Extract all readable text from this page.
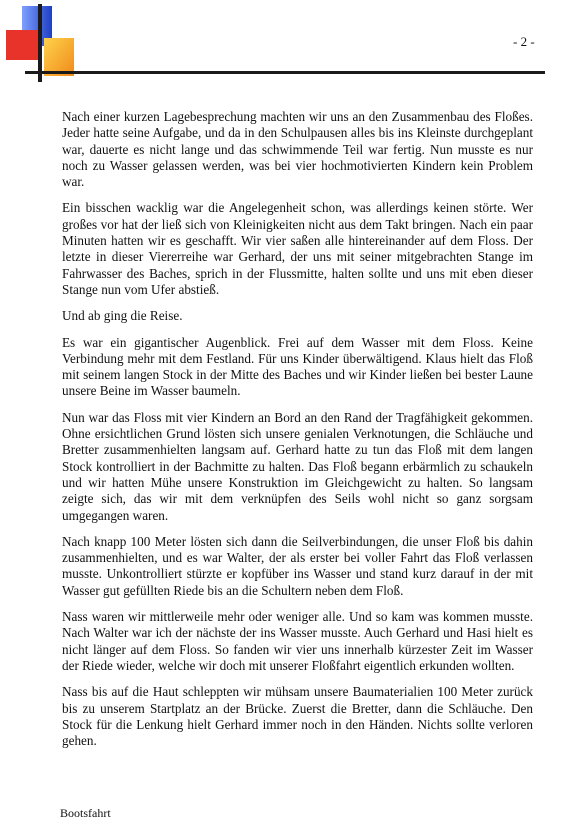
- 2 -

Nach einer kurzen Lagebesprechung machten wir uns an den Zusammenbau des Floßes. Jeder hatte seine Aufgabe, und da in den Schulpausen alles bis ins Kleinste durchgeplant war, dauerte es nicht lange und das schwimmende Teil war fertig. Nun musste es nur noch zu Wasser gelassen werden, was bei vier hochmotivierten Kindern kein Problem war.

Ein bisschen wacklig war die Angelegenheit schon, was allerdings keinen störte. Wer großes vor hat der ließ sich von Kleinigkeiten nicht aus dem Takt bringen. Nach ein paar Minuten hatten wir es geschafft. Wir vier saßen alle hintereinander auf dem Floss. Der letzte in dieser Viererreihe war Gerhard, der uns mit seiner mitgebrachten Stange im Fahrwasser des Baches, sprich in der Flussmitte, halten sollte und uns mit eben dieser Stange nun vom Ufer abstieß.

Und ab ging die Reise.

Es war ein gigantischer Augenblick. Frei auf dem Wasser mit dem Floss. Keine Verbindung mehr mit dem Festland. Für uns Kinder überwältigend. Klaus hielt das Floß mit seinem langen Stock in der Mitte des Baches und wir Kinder ließen bei bester Laune unsere Beine im Wasser baumeln.

Nun war das Floss mit vier Kindern an Bord an den Rand der Tragfähigkeit gekommen. Ohne ersichtlichen Grund lösten sich unsere genialen Verknotungen, die Schläuche und Bretter zusammenhielten langsam auf. Gerhard hatte zu tun das Floß mit dem langen Stock kontrolliert in der Bachmitte zu halten. Das Floß begann erbärmlich zu schaukeln und wir hatten Mühe unsere Konstruktion im Gleichgewicht zu halten. So langsam zeigte sich, das wir mit dem verknüpfen des Seils wohl nicht so ganz sorgsam umgegangen waren.

Nach knapp 100 Meter lösten sich dann die Seilverbindungen, die unser Floß bis dahin zusammenhielten, und es war Walter, der als erster bei voller Fahrt das Floß verlassen musste. Unkontrolliert stürzte er kopfüber ins Wasser und stand kurz darauf in der mit Wasser gut gefüllten Riede bis an die Schultern neben dem Floß.

Nass waren wir mittlerweile mehr oder weniger alle. Und so kam was kommen musste. Nach Walter war ich der nächste der ins Wasser musste. Auch Gerhard und Hasi hielt es nicht länger auf dem Floss. So fanden wir vier uns innerhalb kürzester Zeit im Wasser der Riede wieder, welche wir doch mit unserer Floßfahrt eigentlich erkunden wollten.

Nass bis auf die Haut schleppten wir mühsam unsere Baumaterialien 100 Meter zurück bis zu unserem Startplatz an der Brücke. Zuerst die Bretter, dann die Schläuche. Den Stock für die Lenkung hielt Gerhard immer noch in den Händen. Nichts sollte verloren gehen.

Bootsfahrt
